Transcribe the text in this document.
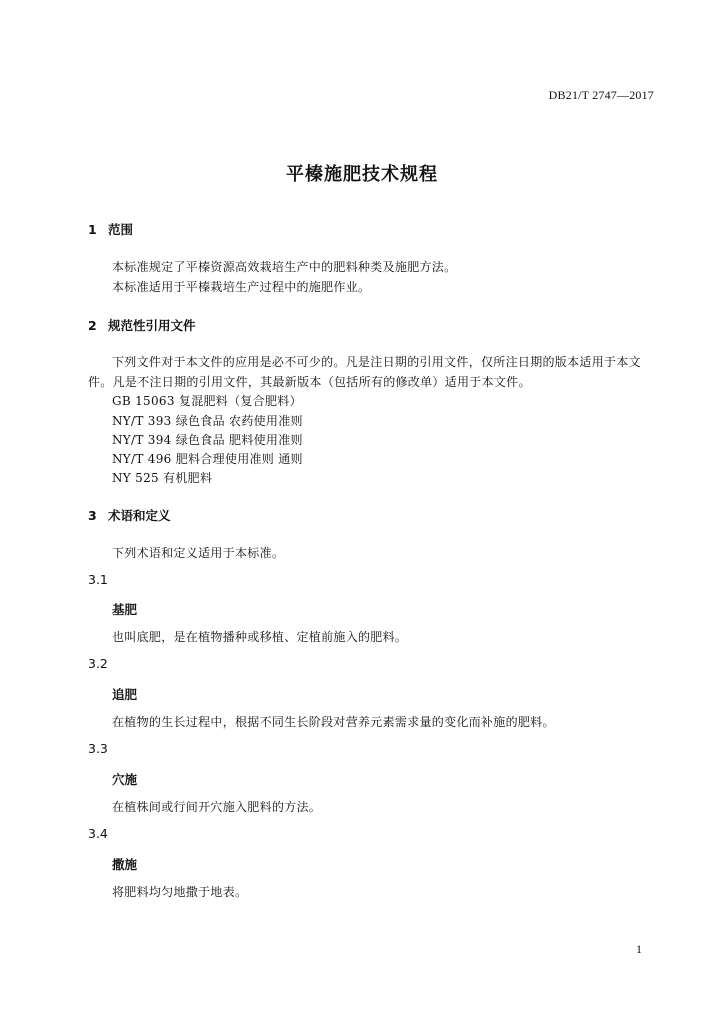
DB21/T 2747—2017
平榛施肥技术规程
1 范围
本标准规定了平榛资源高效栽培生产中的肥料种类及施肥方法。
本标准适用于平榛栽培生产过程中的施肥作业。
2 规范性引用文件
下列文件对于本文件的应用是必不可少的。凡是注日期的引用文件，仅所注日期的版本适用于本文
件。凡是不注日期的引用文件，其最新版本（包括所有的修改单）适用于本文件。
GB 15063 复混肥料（复合肥料）
NY/T 393 绿色食品 农药使用准则
NY/T 394 绿色食品 肥料使用准则
NY/T 496 肥料合理使用准则 通则
NY 525 有机肥料
3 术语和定义
下列术语和定义适用于本标准。
3.1
基肥
也叫底肥，是在植物播种或移植、定植前施入的肥料。
3.2
追肥
在植物的生长过程中，根据不同生长阶段对营养元素需求量的变化而补施的肥料。
3.3
穴施
在植株间或行间开穴施入肥料的方法。
3.4
撒施
将肥料均匀地撒于地表。
1
